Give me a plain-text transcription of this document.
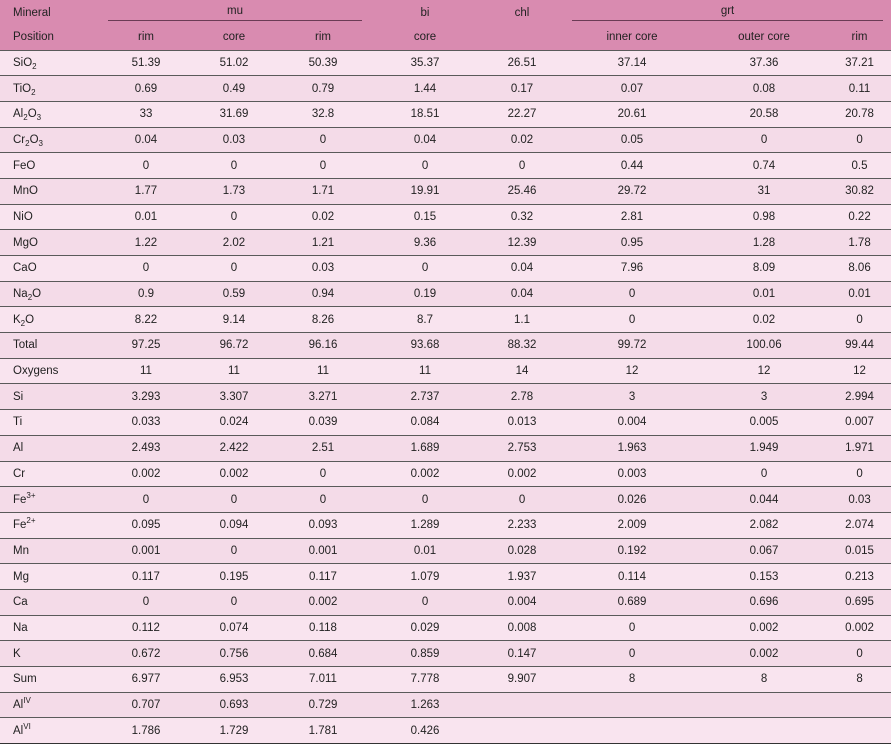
Mineral	mu			bi	chl	grt			

Position	rim	core	rim	core		inner core	outer core	rim	
SiO$_2$	51.39	51.02	50.39	35.37	26.51	37.14	37.36	37.21	
TiO$_2$	0.69	0.49	0.79	1.44	0.17	0.07	0.08	0.11	
$Al_2O_3$	33	31.69	32.8	18.51	22.27	20.61	20.58	20.78	
$Cr_2O_3$	0.04	0.03	0	0.04	0.02	0.05	0	0	
FeO	0	0	0	0	0	0.44	0.74	0.5	
MnO	1.77	1.73	1.71	19.91	25.46	29.72	31	30.82	
NiO	0.01	0	0.02	0.15	0.32	2.81	0.98	0.22	
MgO	1.22	2.02	1.21	9.36	12.39	0.95	1.28	1.78	
CaO	0	0	0.03	0	0.04	7.96	8.09	8.06	
$Na_2O$	0.9	0.59	0.94	0.19	0.04	0	0.01	0.01	
$K_2O$	8.22	9.14	8.26	8.7	1.1	0	0.02	0	
Total	97.25	96.72	96.16	93.68	88.32	99.72	100.06	99.44	
Oxygens	11	11	11	11	14	12	12	12	
Si	3.293	3.307	3.271	2.737	2.78	3	3	2.994	
Ti	0.033	0.024	0.039	0.084	0.013	0.004	0.005	0.007	
Al	2.493	2.422	2.51	1.689	2.753	1.963	1.949	1.971	
Cr	0.002	0.002	0	0.002	0.002	0.003	0	0	
$Fe^{3+}$	0	0	0	0	0	0.026	0.044	0.03	
$Fe^{2+}$	0.095	0.094	0.093	1.289	2.233	2.009	2.082	2.074	
Mn	0.001	0	0.001	0.01	0.028	0.192	0.067	0.015	
Mg	0.117	0.195	0.117	1.079	1.937	0.114	0.153	0.213	
Ca	0	0	0.002	0	0.004	0.689	0.696	0.695	
Na	0.112	0.074	0.118	0.029	0.008	0	0.002	0.002	
K	0.672	0.756	0.684	0.859	0.147	0	0.002	0	
Sum	6.977	6.953	7.011	7.778	9.907	8	8	8	
$Al^{IV}$	0.707	0.693	0.729	1.263					
$Al^{VI}$	1.786	1.729	1.781	0.426					
